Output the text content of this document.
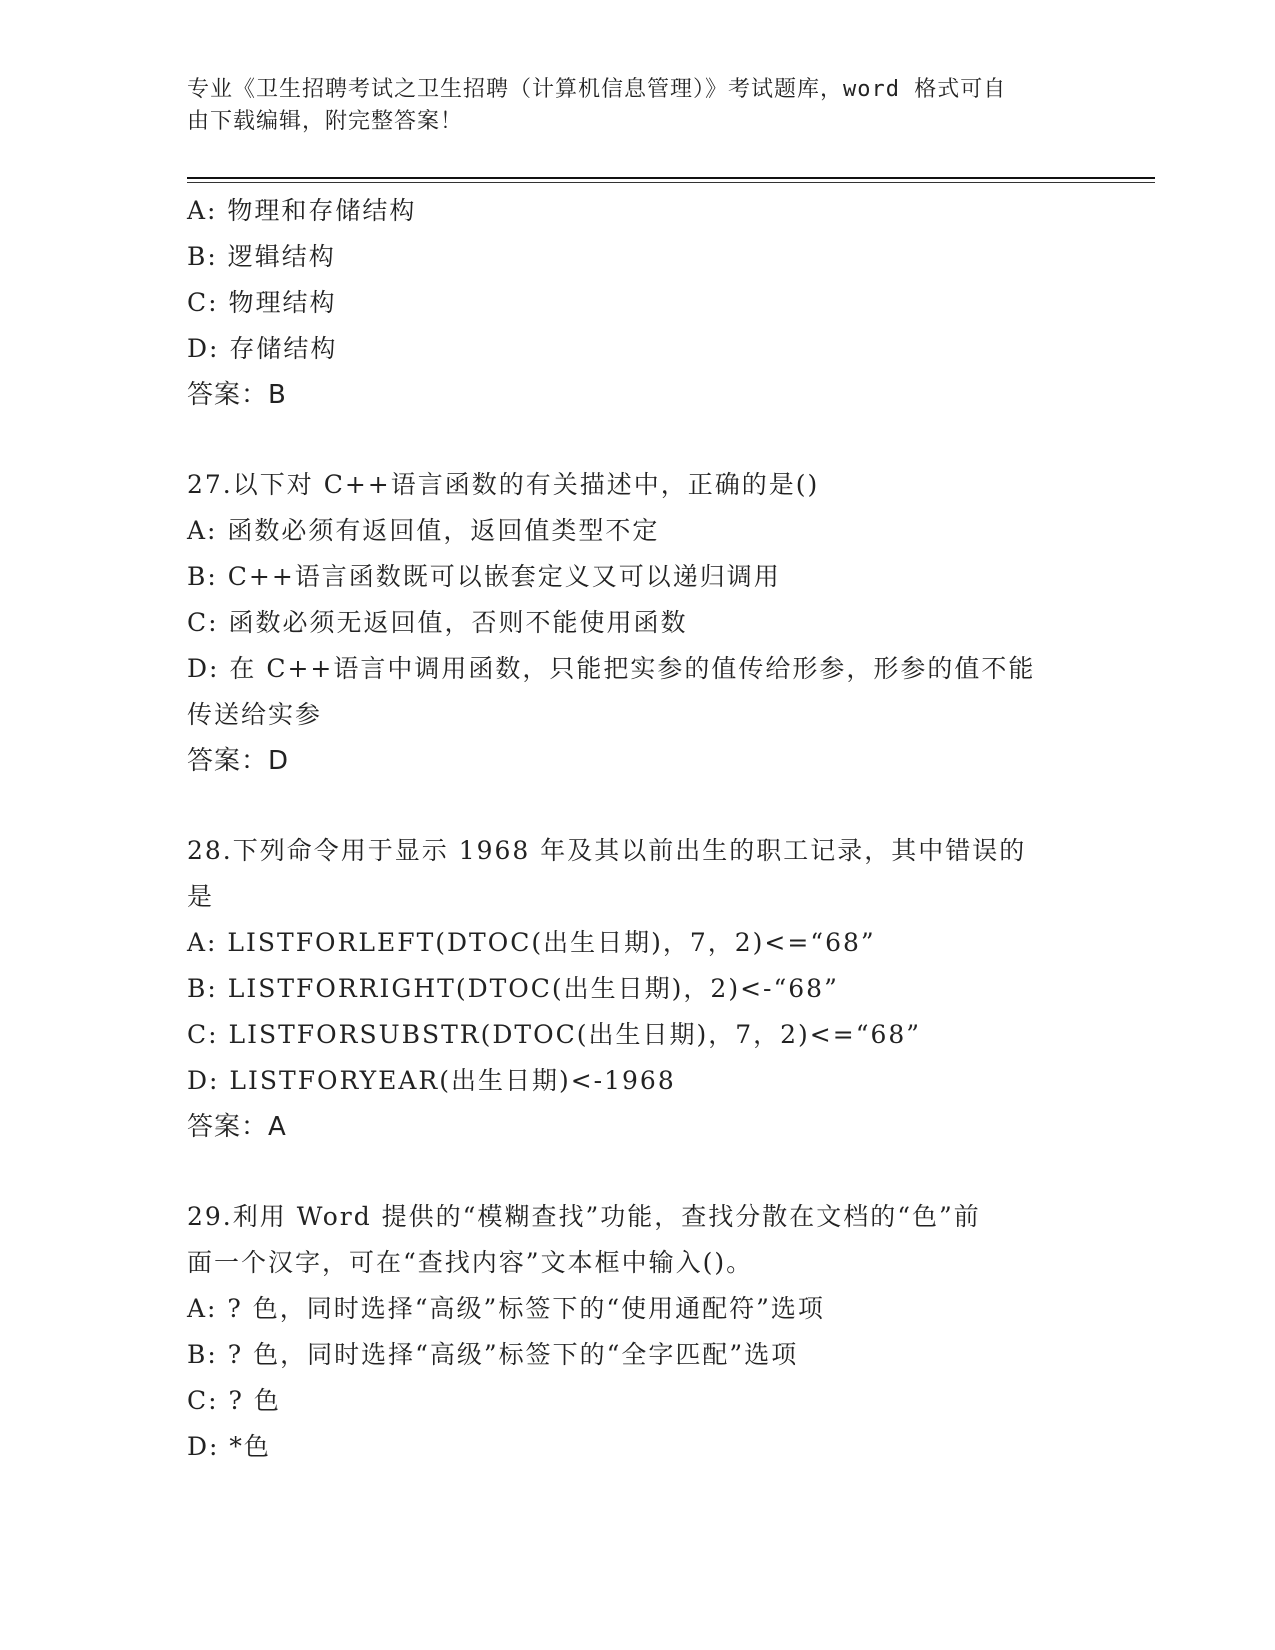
专业《卫生招聘考试之卫生招聘（计算机信息管理）》考试题库，word 格式可自
由下载编辑，附完整答案！
A: 物理和存储结构
B: 逻辑结构
C: 物理结构
D: 存储结构
答案：B
27.以下对 C++语言函数的有关描述中，正确的是()
A: 函数必须有返回值，返回值类型不定
B: C++语言函数既可以嵌套定义又可以递归调用
C: 函数必须无返回值，否则不能使用函数
D: 在 C++语言中调用函数，只能把实参的值传给形参，形参的值不能
传送给实参
答案：D
28.下列命令用于显示 1968 年及其以前出生的职工记录，其中错误的
是
A: LISTFORLEFT(DTOC(出生日期)，7，2)<=“68”
B: LISTFORRIGHT(DTOC(出生日期)，2)<-“68”
C: LISTFORSUBSTR(DTOC(出生日期)，7，2)<=“68”
D: LISTFORYEAR(出生日期)<-1968
答案：A
29.利用 Word 提供的“模糊查找”功能，查找分散在文档的“色”前
面一个汉字，可在“查找内容”文本框中输入()。
A: ? 色，同时选择“高级”标签下的“使用通配符”选项
B: ? 色，同时选择“高级”标签下的“全字匹配”选项
C: ? 色
D: *色
